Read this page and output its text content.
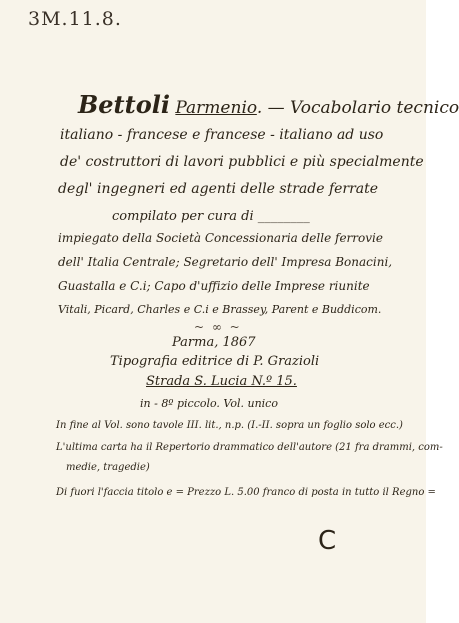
3M.11.8.
Bettoli Parmenio. — Vocabolario tecnico
italiano - francese e francese - italiano ad uso
de' costruttori di lavori pubblici e più specialmente
degl' ingegneri ed agenti delle strade ferrate
compilato per cura di ________
impiegato della Società Concessionaria delle ferrovie
dell' Italia Centrale; Segretario dell' Impresa Bonacini,
Guastalla e C.i; Capo d'uffizio delle Imprese riunite
Vitali, Picard, Charles e C.i e Brassey, Parent e Buddicom.
~ ∞ ~
Parma, 1867
Tipografia editrice di P. Grazioli
Strada S. Lucia N.º 15.
in - 8º piccolo. Vol. unico
In fine al Vol. sono tavole III. lit., n.p. (I.-II. sopra un foglio solo ecc.)
L'ultima carta ha il Repertorio drammatico dell'autore (21 fra drammi, com-
medie, tragedie)
Di fuori l'faccia titolo e = Prezzo L. 5.00 franco di posta in tutto il Regno =
C
